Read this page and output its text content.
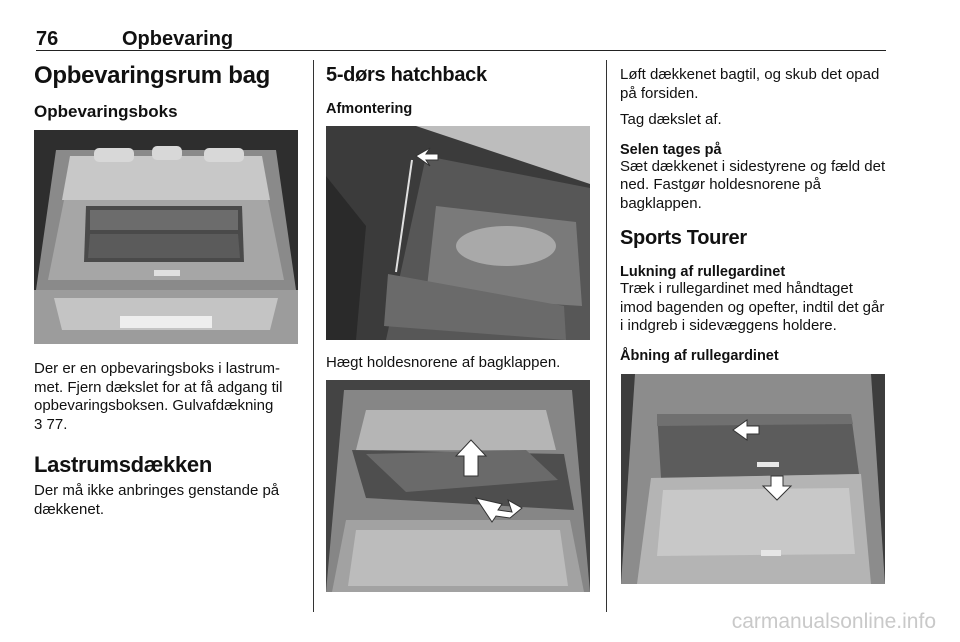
76	Opbevaring
Opbevaringsrum bag
Opbevaringsboks

Der er en opbevaringsboks i lastrum-met. Fjern dækslet for at få adgang til opbevaringsboksen. Gulvafdækning

3 77.

Lastrumsdækken

Der må ikke anbringes genstande på dækkenet.

5-dørs hatchback
Afmontering

Hægt holdesnorene af bagklappen.

Løft dækkenet bagtil, og skub det opad på forsiden.

Tag dækslet af.

Selen tages på

Sæt dækkenet i sidestyrene og fæld det ned. Fastgør holdesnorene på bagklappen.

Sports Tourer
Lukning af rullegardinet

Træk i rullegardinet med håndtaget imod bagenden og opefter, indtil det går i indgreb i sidevæggens holdere.

Åbning af rullegardinet
carmanualsonline.info
